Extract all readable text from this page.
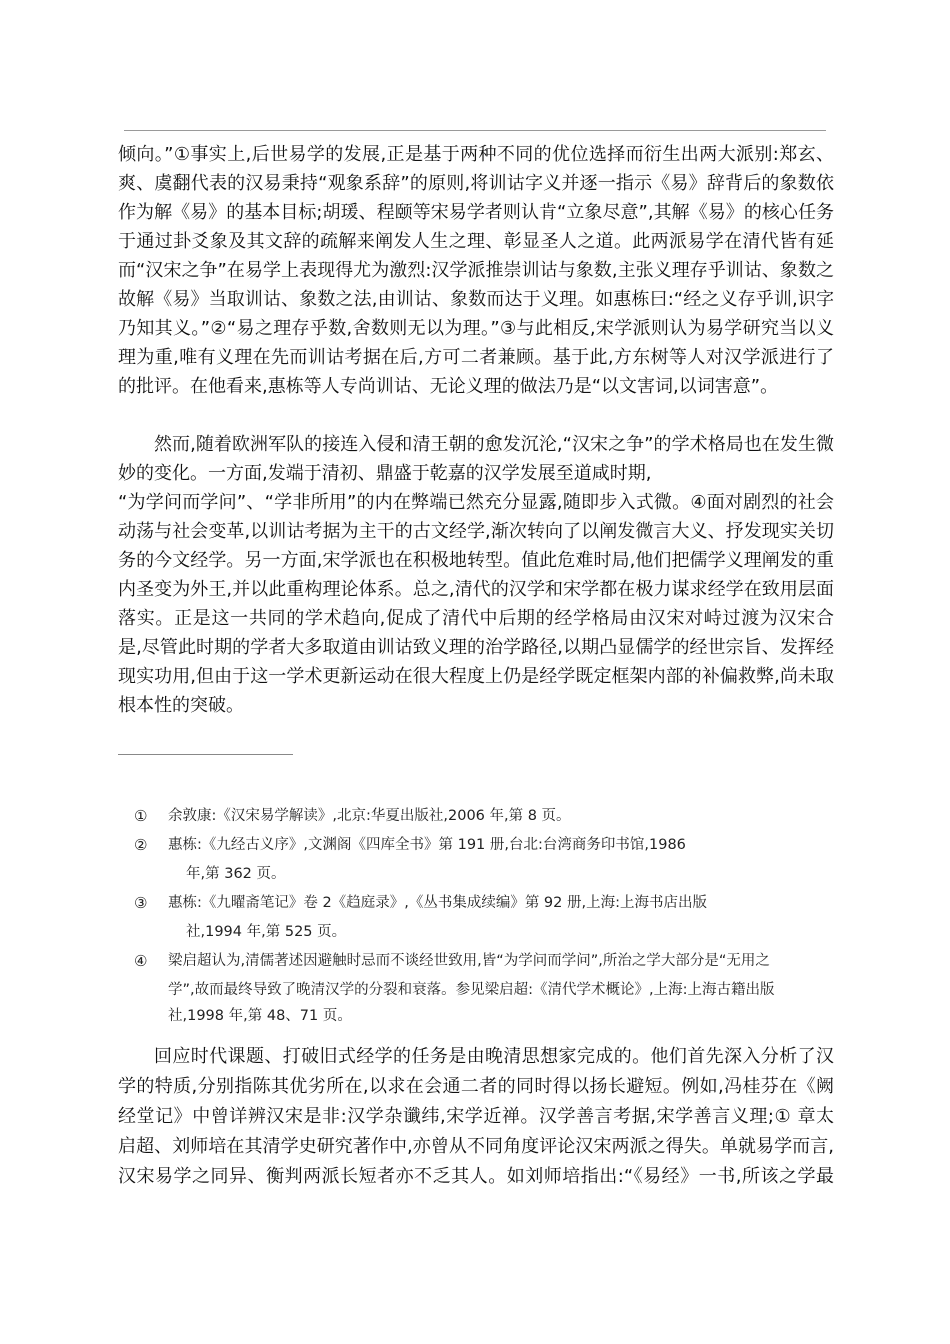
倾向。”①事实上,后世易学的发展,正是基于两种不同的优位选择而衍生出两大派别:郑玄、
爽、虞翻代表的汉易秉持“观象系辞”的原则,将训诂字义并逐一指示《易》辞背后的象数依
作为解《易》的基本目标;胡瑗、程颐等宋易学者则认肯“立象尽意”,其解《易》的核心任务
于通过卦爻象及其文辞的疏解来阐发人生之理、彰显圣人之道。此两派易学在清代皆有延
而“汉宋之争”在易学上表现得尤为激烈:汉学派推崇训诂与象数,主张义理存乎训诂、象数之
故解《易》当取训诂、象数之法,由训诂、象数而达于义理。如惠栋曰:“经之义存乎训,识字
乃知其义。”②“易之理存乎数,舍数则无以为理。”③与此相反,宋学派则认为易学研究当以义
理为重,唯有义理在先而训诂考据在后,方可二者兼顾。基于此,方东树等人对汉学派进行了
的批评。在他看来,惠栋等人专尚训诂、无论义理的做法乃是“以文害词,以词害意”。
然而,随着欧洲军队的接连入侵和清王朝的愈发沉沦,“汉宋之争”的学术格局也在发生微
妙的变化。一方面,发端于清初、鼎盛于乾嘉的汉学发展至道咸时期,
“为学问而学问”、“学非所用”的内在弊端已然充分显露,随即步入式微。④面对剧烈的社会
动荡与社会变革,以训诂考据为主干的古文经学,渐次转向了以阐发微言大义、抒发现实关切
务的今文经学。另一方面,宋学派也在积极地转型。值此危难时局,他们把儒学义理阐发的重
内圣变为外王,并以此重构理论体系。总之,清代的汉学和宋学都在极力谋求经学在致用层面
落实。正是这一共同的学术趋向,促成了清代中后期的经学格局由汉宋对峙过渡为汉宋合
是,尽管此时期的学者大多取道由训诂致义理的治学路径,以期凸显儒学的经世宗旨、发挥经
现实功用,但由于这一学术更新运动在很大程度上仍是经学既定框架内部的补偏救弊,尚未取
根本性的突破。
① 余敦康:《汉宋易学解读》,北京:华夏出版社,2006 年,第 8 页。
② 惠栋:《九经古义序》,文渊阁《四库全书》第 191 册,台北:台湾商务印书馆,1986
年,第 362 页。
③ 惠栋:《九曜斋笔记》卷 2《趋庭录》,《丛书集成续编》第 92 册,上海:上海书店出版
社,1994 年,第 525 页。
④ 梁启超认为,清儒著述因避触时忌而不谈经世致用,皆“为学问而学问”,所治之学大部分是“无用之
学”,故而最终导致了晚清汉学的分裂和衰落。参见梁启超:《清代学术概论》,上海:上海古籍出版
社,1998 年,第 48、71 页。
回应时代课题、打破旧式经学的任务是由晚清思想家完成的。他们首先深入分析了汉
学的特质,分别指陈其优劣所在,以求在会通二者的同时得以扬长避短。例如,冯桂芬在《阙
经堂记》中曾详辨汉宋是非:汉学杂谶纬,宋学近禅。汉学善言考据,宋学善言义理;① 章太
启超、刘师培在其清学史研究著作中,亦曾从不同角度评论汉宋两派之得失。单就易学而言,
汉宋易学之同异、衡判两派长短者亦不乏其人。如刘师培指出:“《易经》一书,所该之学最
